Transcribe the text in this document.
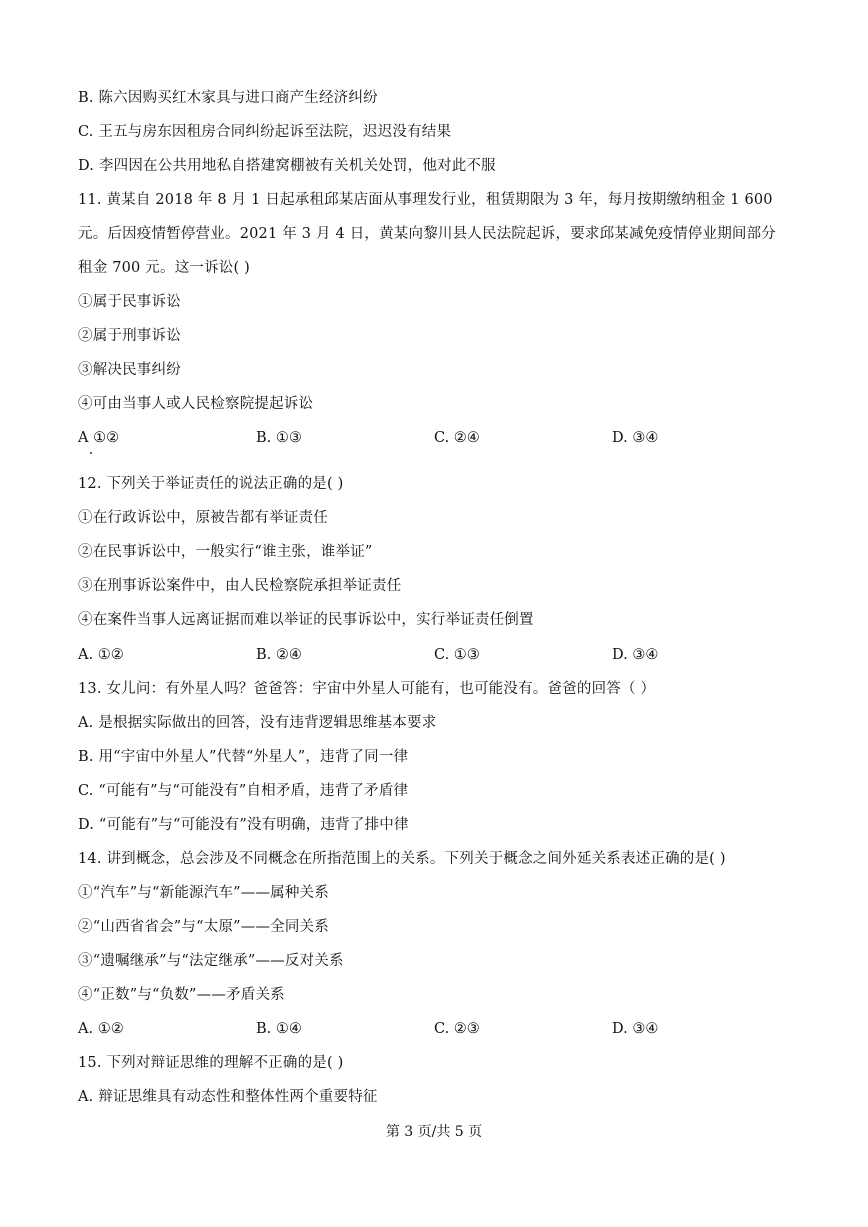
B. 陈六因购买红木家具与进口商产生经济纠纷
C. 王五与房东因租房合同纠纷起诉至法院，迟迟没有结果
D. 李四因在公共用地私自搭建窝棚被有关机关处罚，他对此不服
11. 黄某自 2018 年 8 月 1 日起承租邱某店面从事理发行业，租赁期限为 3 年，每月按期缴纳租金 1 600
元。后因疫情暂停营业。2021 年 3 月 4 日，黄某向黎川县人民法院起诉，要求邱某减免疫情停业期间部分
租金 700 元。这一诉讼( )
①属于民事诉讼
②属于刑事诉讼
③解决民事纠纷
④可由当事人或人民检察院提起诉讼
A ①②	B. ①③	C. ②④	D. ③④
12. 下列关于举证责任的说法正确的是( )
①在行政诉讼中，原被告都有举证责任
②在民事诉讼中，一般实行“谁主张，谁举证”
③在刑事诉讼案件中，由人民检察院承担举证责任
④在案件当事人远离证据而难以举证的民事诉讼中，实行举证责任倒置
A. ①②	B. ②④	C. ①③	D. ③④
13. 女儿问：有外星人吗？爸爸答：宇宙中外星人可能有，也可能没有。爸爸的回答（ ）
A. 是根据实际做出的回答，没有违背逻辑思维基本要求
B. 用“宇宙中外星人”代替“外星人”，违背了同一律
C. “可能有”与“可能没有”自相矛盾，违背了矛盾律
D. “可能有”与“可能没有”没有明确，违背了排中律
14. 讲到概念，总会涉及不同概念在所指范围上的关系。下列关于概念之间外延关系表述正确的是( )
①“汽车”与“新能源汽车”——属种关系
②“山西省省会”与“太原”——全同关系
③“遗嘱继承”与“法定继承”——反对关系
④“正数”与“负数”——矛盾关系
A. ①②	B. ①④	C. ②③	D. ③④
15. 下列对辩证思维的理解不正确的是( )
A. 辩证思维具有动态性和整体性两个重要特征
第 3 页/共 5 页
